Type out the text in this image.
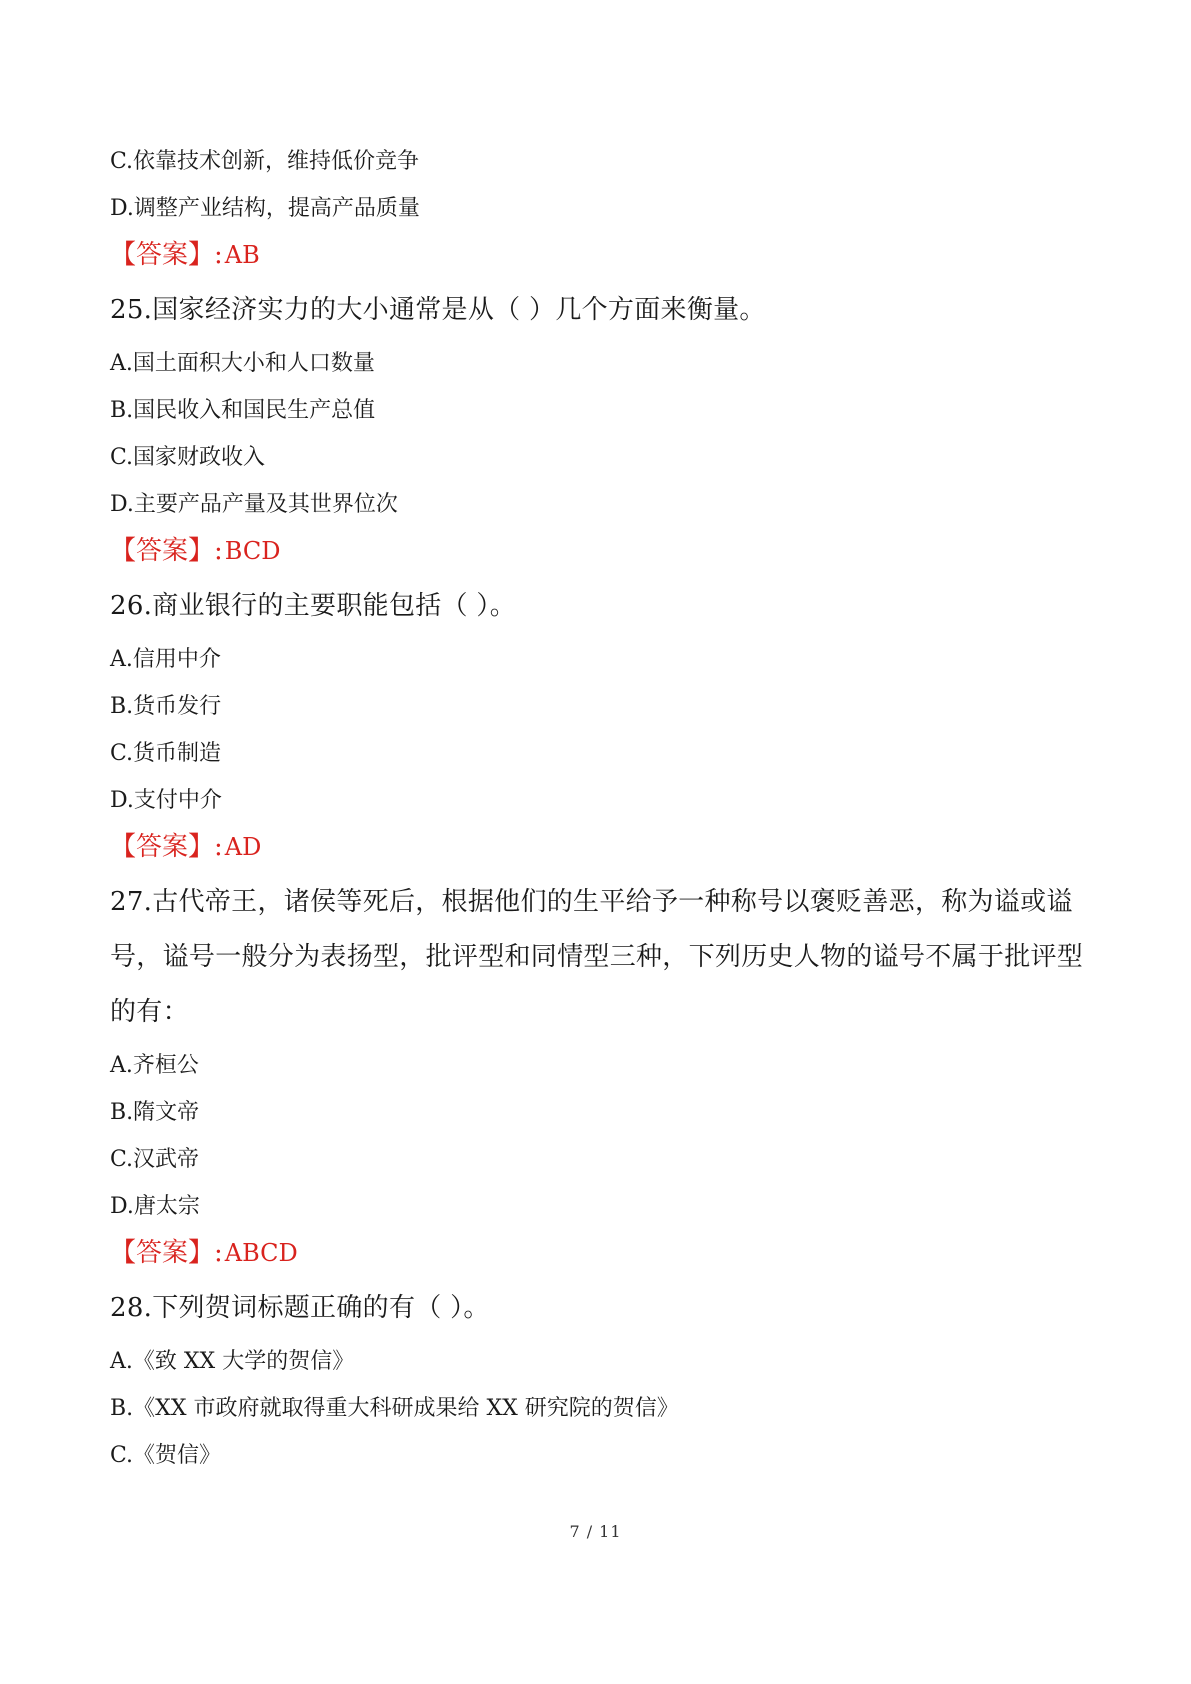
C.依靠技术创新，维持低价竞争
D.调整产业结构，提高产品质量
【答案】:AB
25.国家经济实力的大小通常是从（ ）几个方面来衡量。
A.国土面积大小和人口数量
B.国民收入和国民生产总值
C.国家财政收入
D.主要产品产量及其世界位次
【答案】:BCD
26.商业银行的主要职能包括（ ）。
A.信用中介
B.货币发行
C.货币制造
D.支付中介
【答案】:AD
27.古代帝王，诸侯等死后，根据他们的生平给予一种称号以褒贬善恶，称为谥或谥号，谥号一般分为表扬型，批评型和同情型三种，下列历史人物的谥号不属于批评型的有：
A.齐桓公
B.隋文帝
C.汉武帝
D.唐太宗
【答案】:ABCD
28.下列贺词标题正确的有（ ）。
A.《致 XX 大学的贺信》
B.《XX 市政府就取得重大科研成果给 XX 研究院的贺信》
C.《贺信》
7 / 11
